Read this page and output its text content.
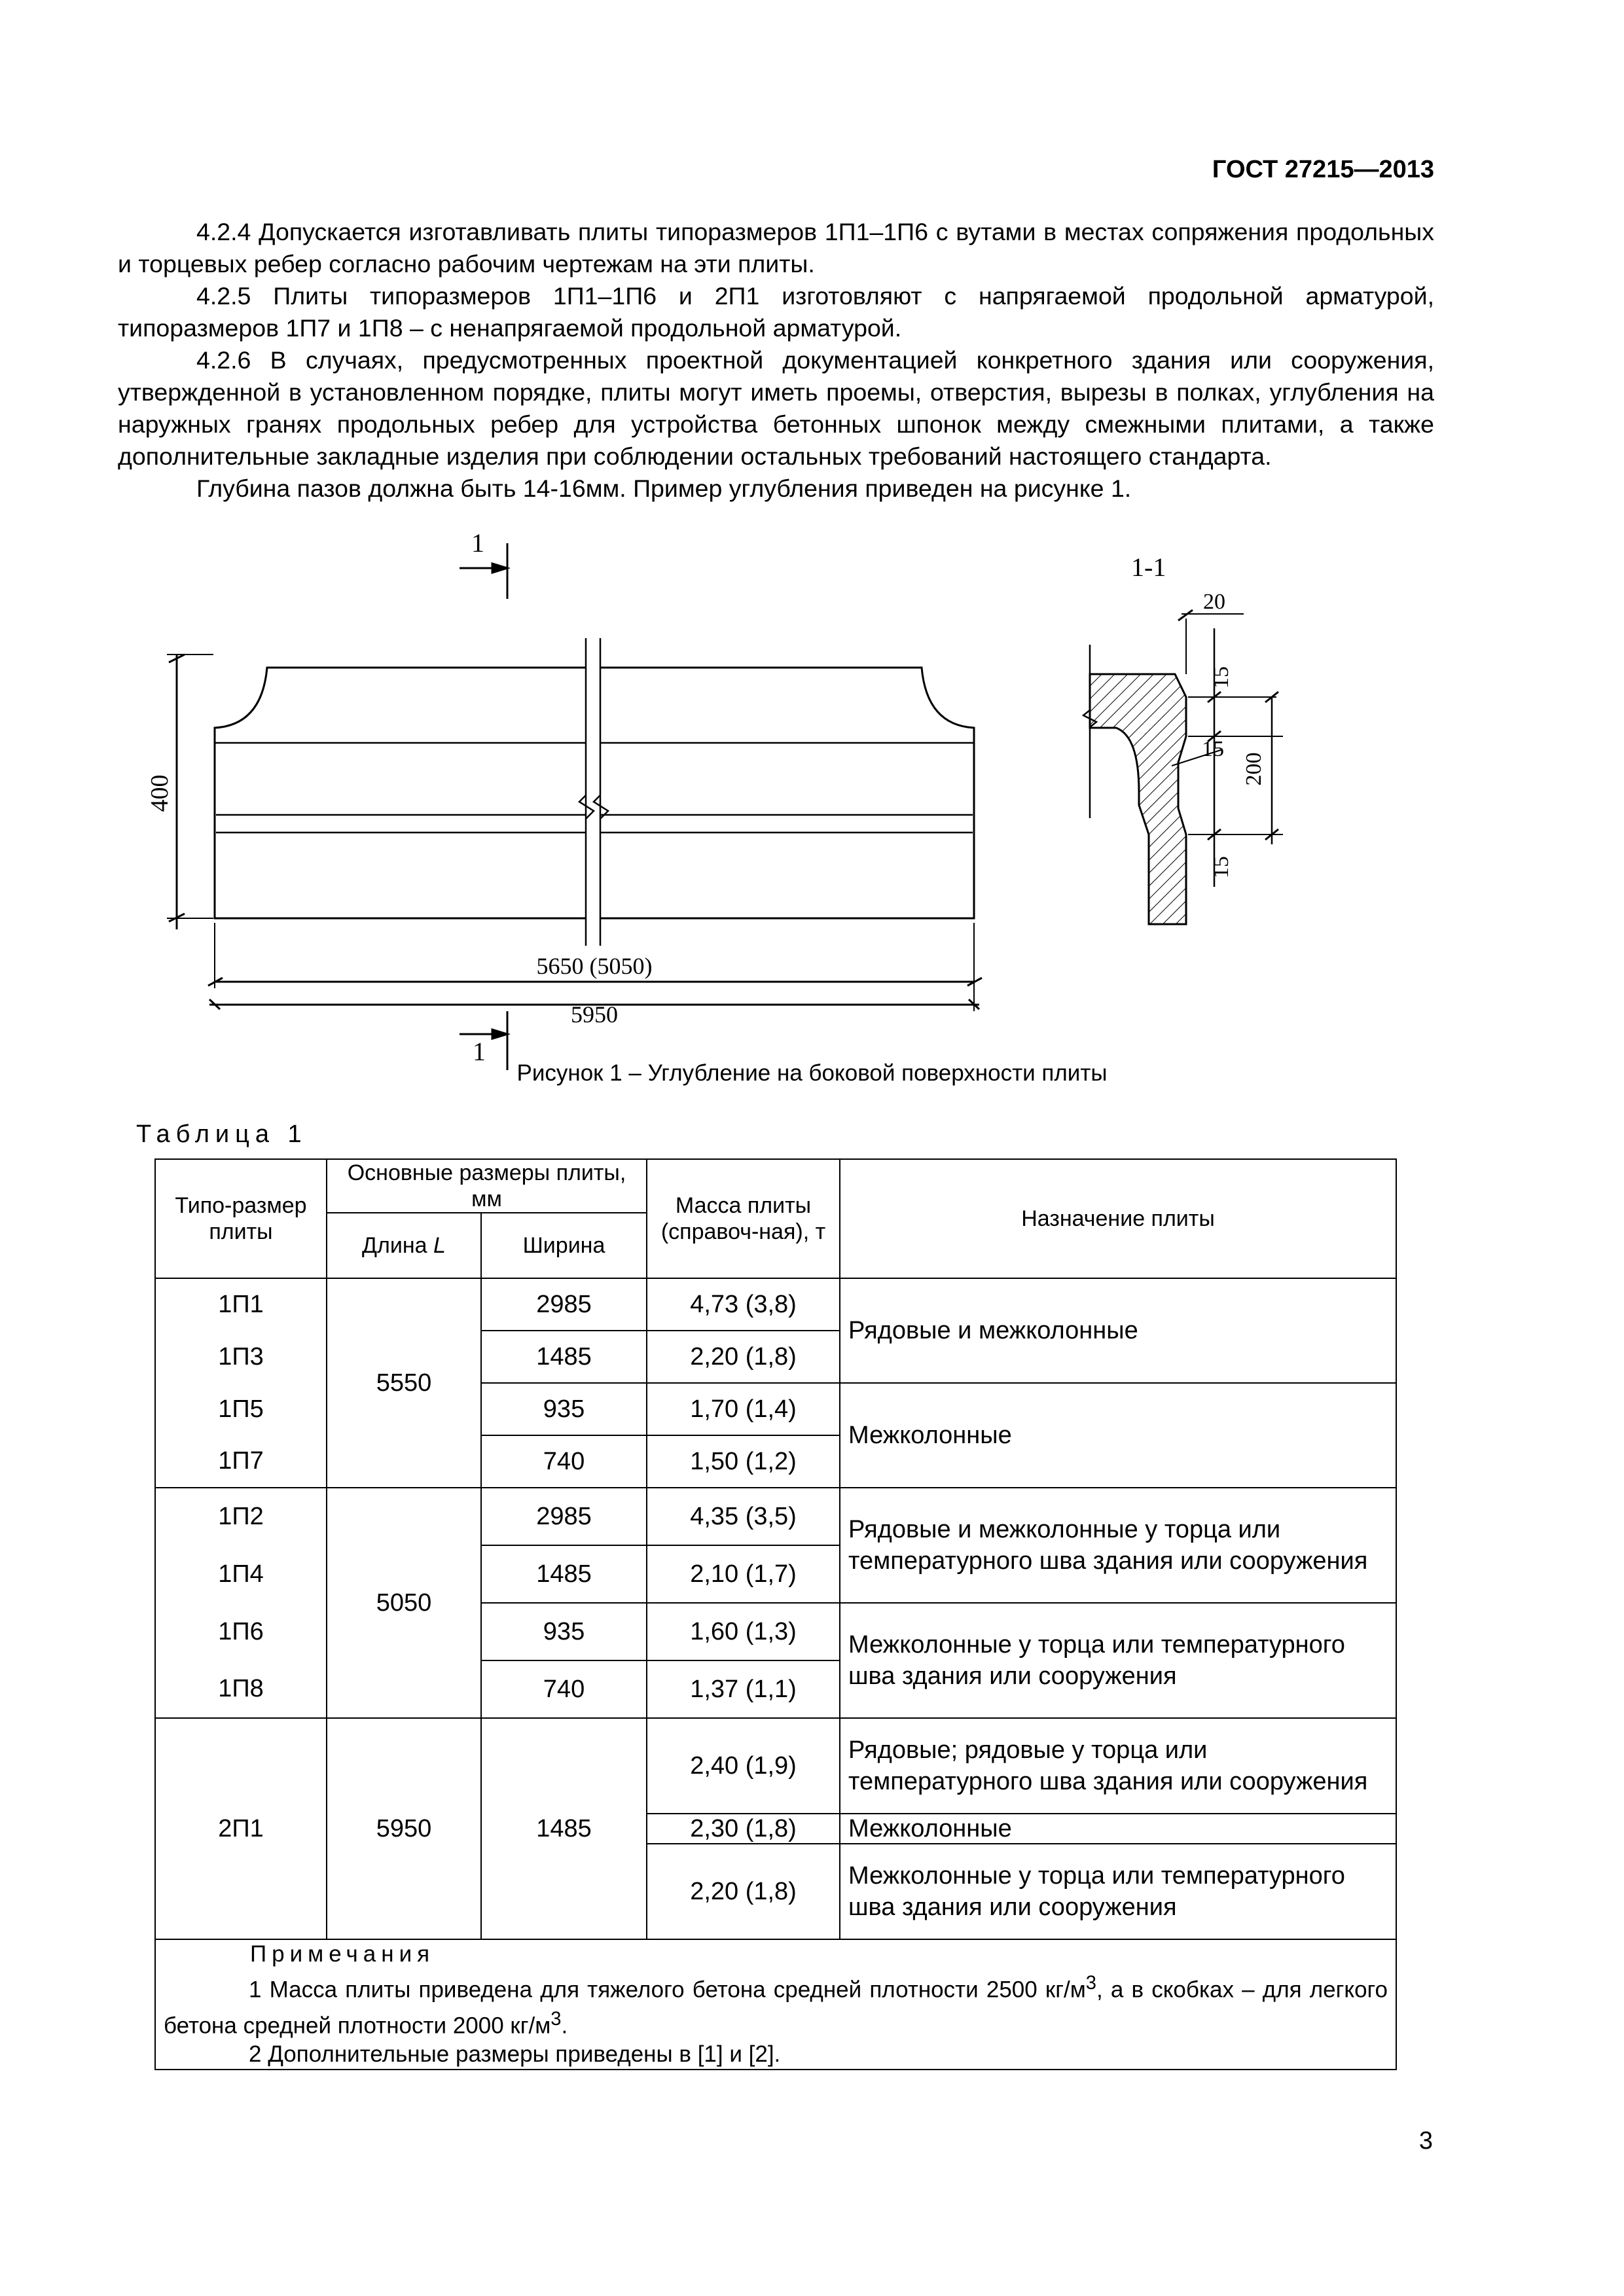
ГОСТ 27215—2013

4.2.4 Допускается изготавливать плиты типоразмеров 1П1–1П6 с вутами в местах сопряжения продольных и торцевых ребер согласно рабочим чертежам на эти плиты.

4.2.5 Плиты типоразмеров 1П1–1П6 и 2П1 изготовляют с напрягаемой продольной арматурой, типоразмеров 1П7 и 1П8 – с ненапрягаемой продольной арматурой.

4.2.6 В случаях, предусмотренных проектной документацией конкретного здания или сооружения, утвержденной в установленном порядке, плиты могут иметь проемы, отверстия, вырезы в полках, углубления на наружных гранях продольных ребер для устройства бетонных шпонок между смежными плитами, а также дополнительные закладные изделия при соблюдении остальных требований настоящего стандарта.

Глубина пазов должна быть 14-16мм. Пример углубления приведен на рисунке 1.

1
1
400
5650 (5050)
5950
1-1
20
15
15
200
15
Рисунок 1 – Углубление на боковой поверхности плиты
Таблица 1
Типо-размер плиты	Основные размеры плиты, мм		Масса плиты (справоч-ная), т	Назначение плиты
	Длина L	Ширина		
1П1	5550	2985	4,73 (3,8)	Рядовые и межколонные
1П3		1485	2,20 (1,8)	
1П5		935	1,70 (1,4)	Межколонные
1П7		740	1,50 (1,2)	
1П2	5050	2985	4,35 (3,5)	Рядовые и межколонные у торца или температурного шва здания или сооружения
1П4		1485	2,10 (1,7)	
1П6		935	1,60 (1,3)	Межколонные у торца или температурного шва здания или сооружения
1П8		740	1,37 (1,1)	
2П1	5950	1485	2,40 (1,9)	Рядовые; рядовые у торца или температурного шва здания или сооружения
			2,30 (1,8)	Межколонные
			2,20 (1,8)	Межколонные у торца или температурного шва здания или сооружения

Примечания
1 Масса плиты приведена для тяжелого бетона средней плотности 2500 $кг/м^3$, а в скобках – для легкого бетона средней плотности 2000 $кг/м^3$.
2 Дополнительные размеры приведены в [1] и [2].				
3
